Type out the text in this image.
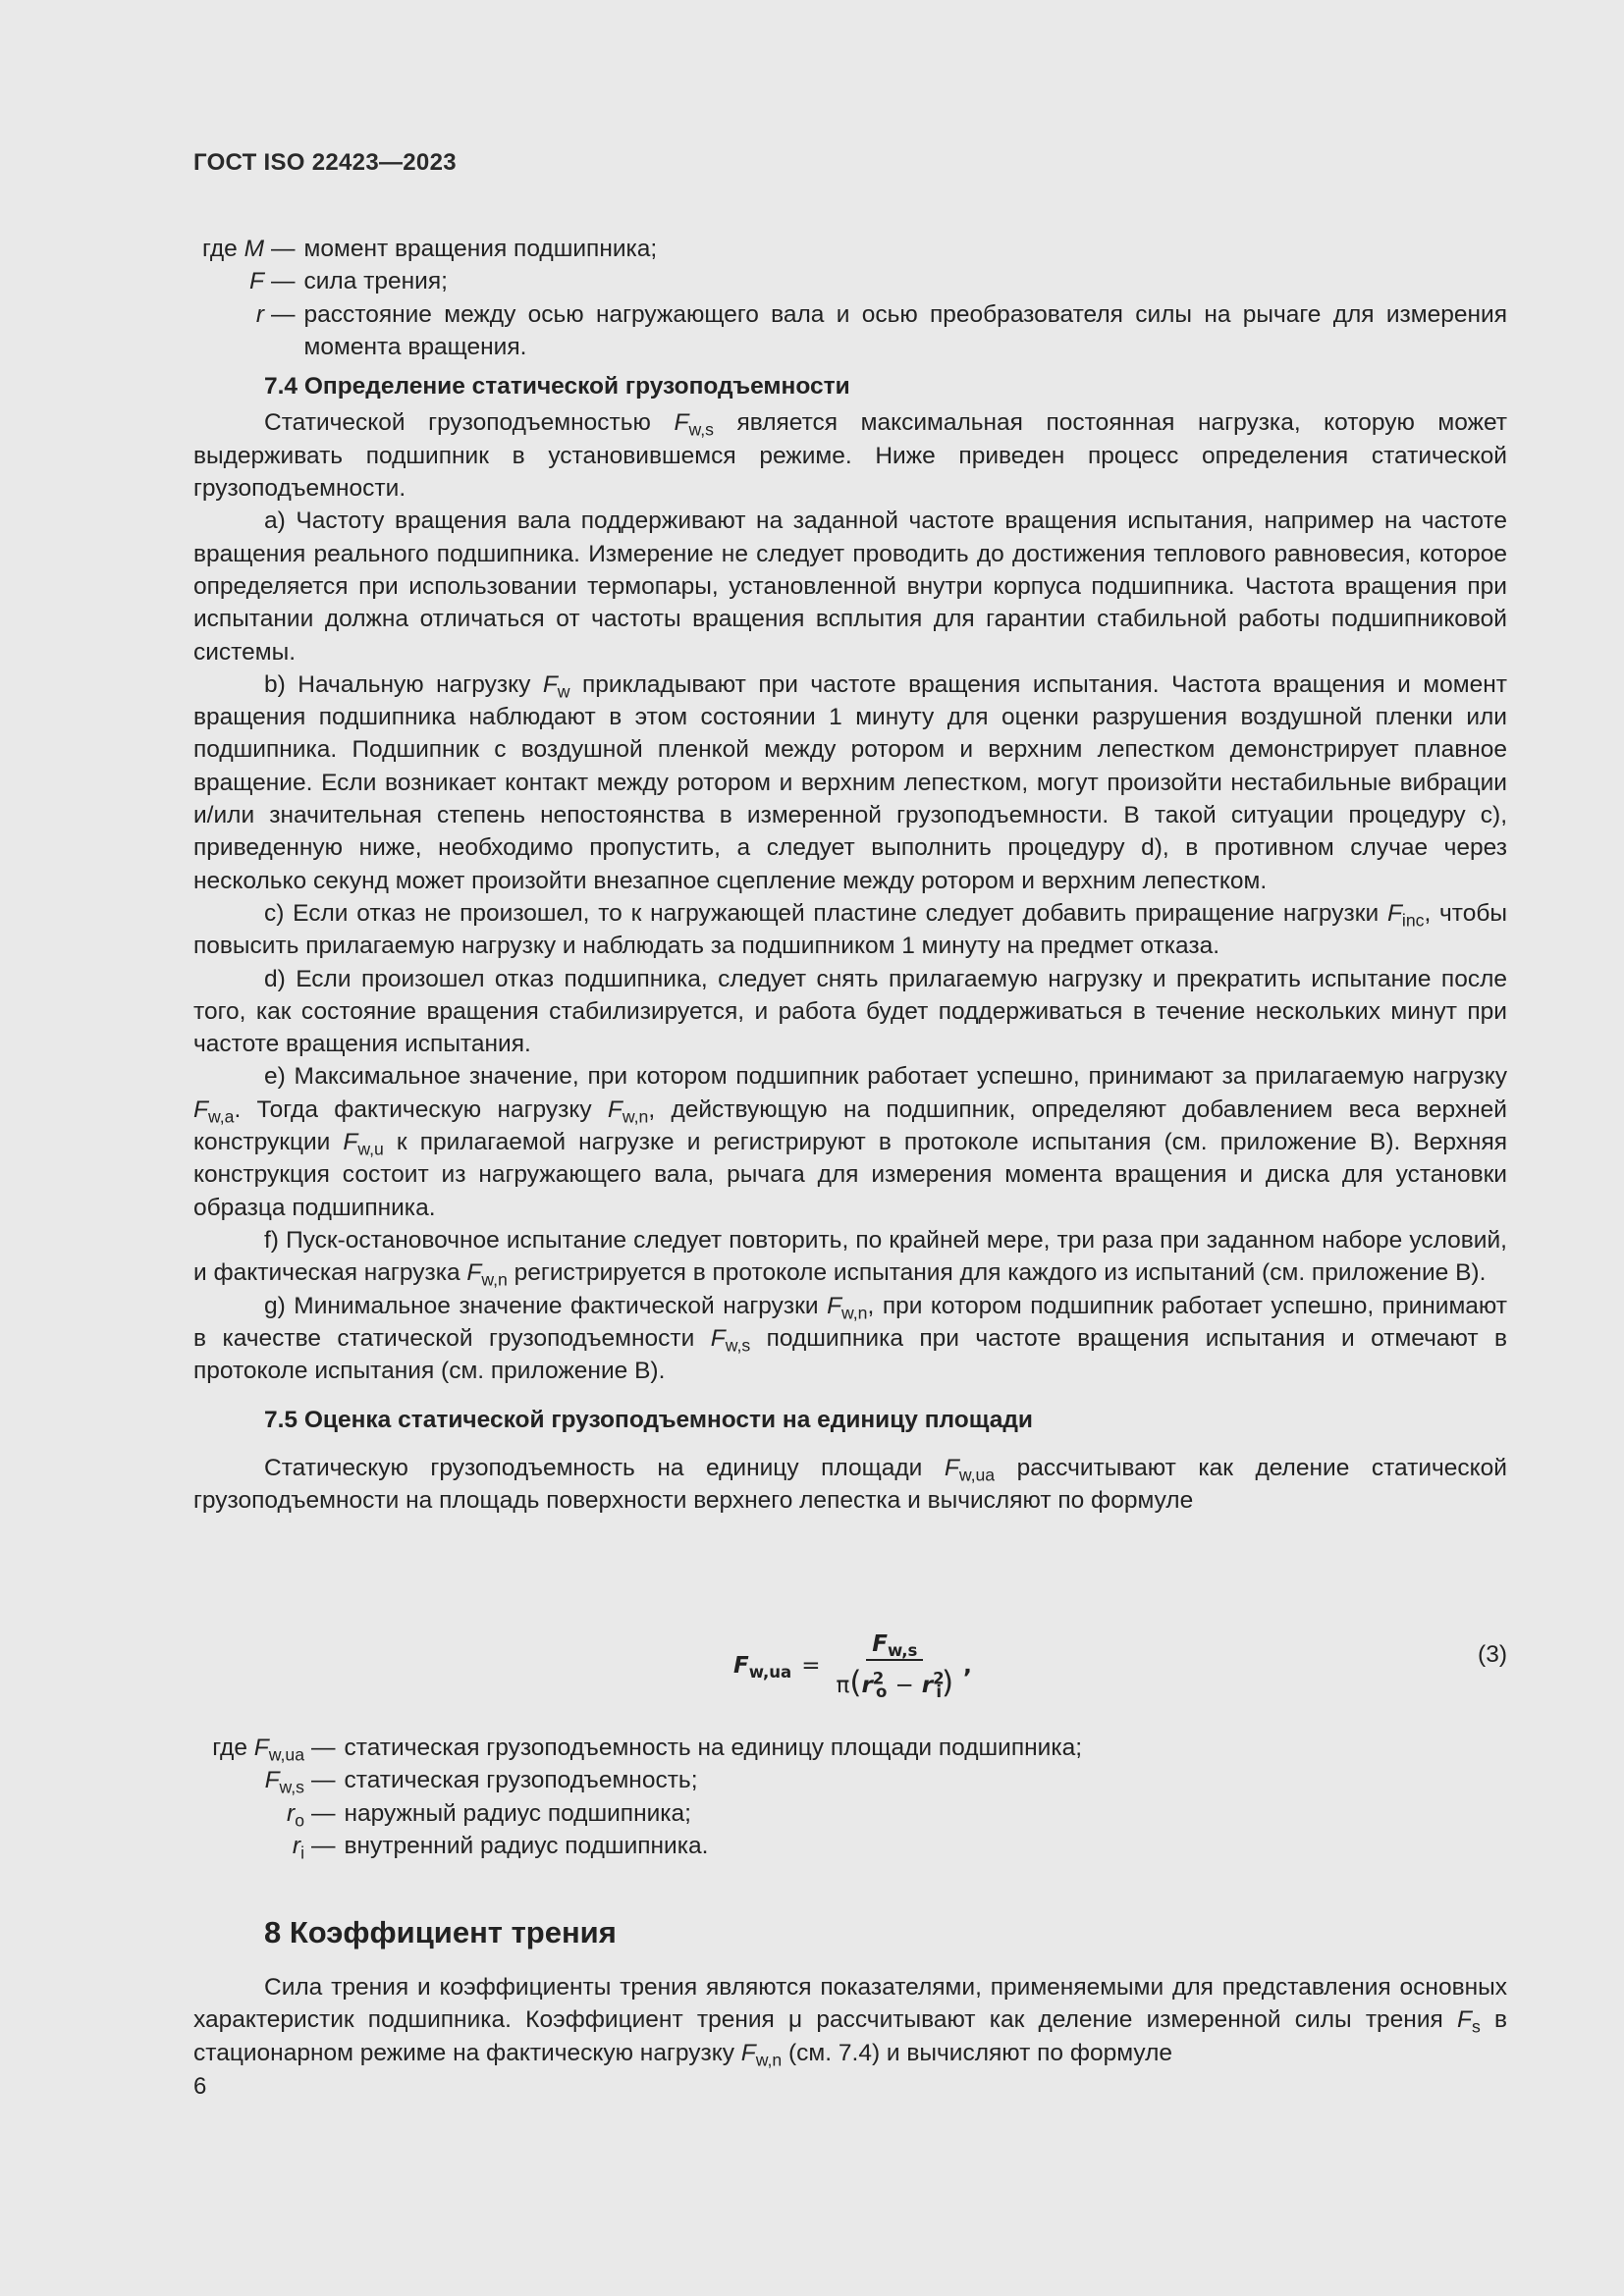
ГОСТ ISO 22423—2023
где
M — момент вращения подшипника;
F — сила трения;
r — расстояние между осью нагружающего вала и осью преобразователя силы на рычаге для измерения момента вращения.
7.4 Определение статической грузоподъемности

Статической грузоподъемностью $F_{w,s}$ является максимальная постоянная нагрузка, которую может выдерживать подшипник в установившемся режиме. Ниже приведен процесс определения статической грузоподъемности.

а) Частоту вращения вала поддерживают на заданной частоте вращения испытания, например на частоте вращения реального подшипника. Измерение не следует проводить до достижения теплового равновесия, которое определяется при использовании термопары, установленной внутри корпуса подшипника. Частота вращения при испытании должна отличаться от частоты вращения всплытия для гарантии стабильной работы подшипниковой системы.

b) Начальную нагрузку $F_w$ прикладывают при частоте вращения испытания. Частота вращения и момент вращения подшипника наблюдают в этом состоянии 1 минуту для оценки разрушения воздушной пленки или подшипника. Подшипник с воздушной пленкой между ротором и верхним лепестком демонстрирует плавное вращение. Если возникает контакт между ротором и верхним лепестком, могут произойти нестабильные вибрации и/или значительная степень непостоянства в измеренной грузоподъемности. В такой ситуации процедуру с), приведенную ниже, необходимо пропустить, а следует выполнить процедуру d), в противном случае через несколько секунд может произойти внезапное сцепление между ротором и верхним лепестком.

с) Если отказ не произошел, то к нагружающей пластине следует добавить приращение нагрузки $F_{inc}$, чтобы повысить прилагаемую нагрузку и наблюдать за подшипником 1 минуту на предмет отказа.

d) Если произошел отказ подшипника, следует снять прилагаемую нагрузку и прекратить испытание после того, как состояние вращения стабилизируется, и работа будет поддерживаться в течение нескольких минут при частоте вращения испытания.

е) Максимальное значение, при котором подшипник работает успешно, принимают за прилагаемую нагрузку $F_{w,a}$. Тогда фактическую нагрузку $F_{w,n}$, действующую на подшипник, определяют добавлением веса верхней конструкции $F_{w,u}$ к прилагаемой нагрузке и регистрируют в протоколе испытания (см. приложение В). Верхняя конструкция состоит из нагружающего вала, рычага для измерения момента вращения и диска для установки образца подшипника.

f) Пуск-остановочное испытание следует повторить, по крайней мере, три раза при заданном наборе условий, и фактическая нагрузка $F_{w,n}$ регистрируется в протоколе испытания для каждого из испытаний (см. приложение В).

g) Минимальное значение фактической нагрузки $F_{w,n}$, при котором подшипник работает успешно, принимают в качестве статической грузоподъемности $F_{w,s}$ подшипника при частоте вращения испытания и отмечают в протоколе испытания (см. приложение В).

7.5 Оценка статической грузоподъемности на единицу площади

Статическую грузоподъемность на единицу площади $F_{w,ua}$ рассчитывают как деление статической грузоподъемности на площадь поверхности верхнего лепестка и вычисляют по формуле

$F_{w,ua} = \frac{F_{w,s}}{\pi(r^2_o - r^2_i)}$ ,	(3)
где
$F_{w,ua}$ — статическая грузоподъемность на единицу площади подшипника;
$F_{w,s}$ — статическая грузоподъемность;
$r_o$ — наружный радиус подшипника;
$r_i$ — внутренний радиус подшипника.
8 Коэффициент трения

Сила трения и коэффициенты трения являются показателями, применяемыми для представления основных характеристик подшипника. Коэффициент трения μ рассчитывают как деление измеренной силы трения $F_s$ в стационарном режиме на фактическую нагрузку $F_{w,n}$ (см. 7.4) и вычисляют по формуле

6
